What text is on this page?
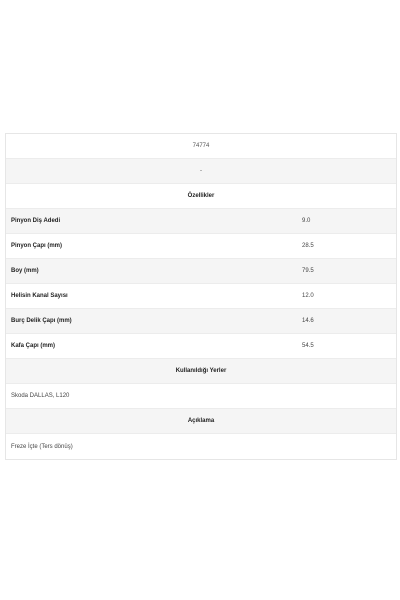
74774
-
Özellikler
Pinyon Diş Adedi	9.0
Pinyon Çapı (mm)	28.5
Boy (mm)	79.5
Helisin Kanal Sayısı	12.0
Burç Delik Çapı (mm)	14.6
Kafa Çapı (mm)	54.5
Kullanıldığı Yerler
Skoda DALLAS, L120
Açıklama
Freze İçte (Ters dönüş)
